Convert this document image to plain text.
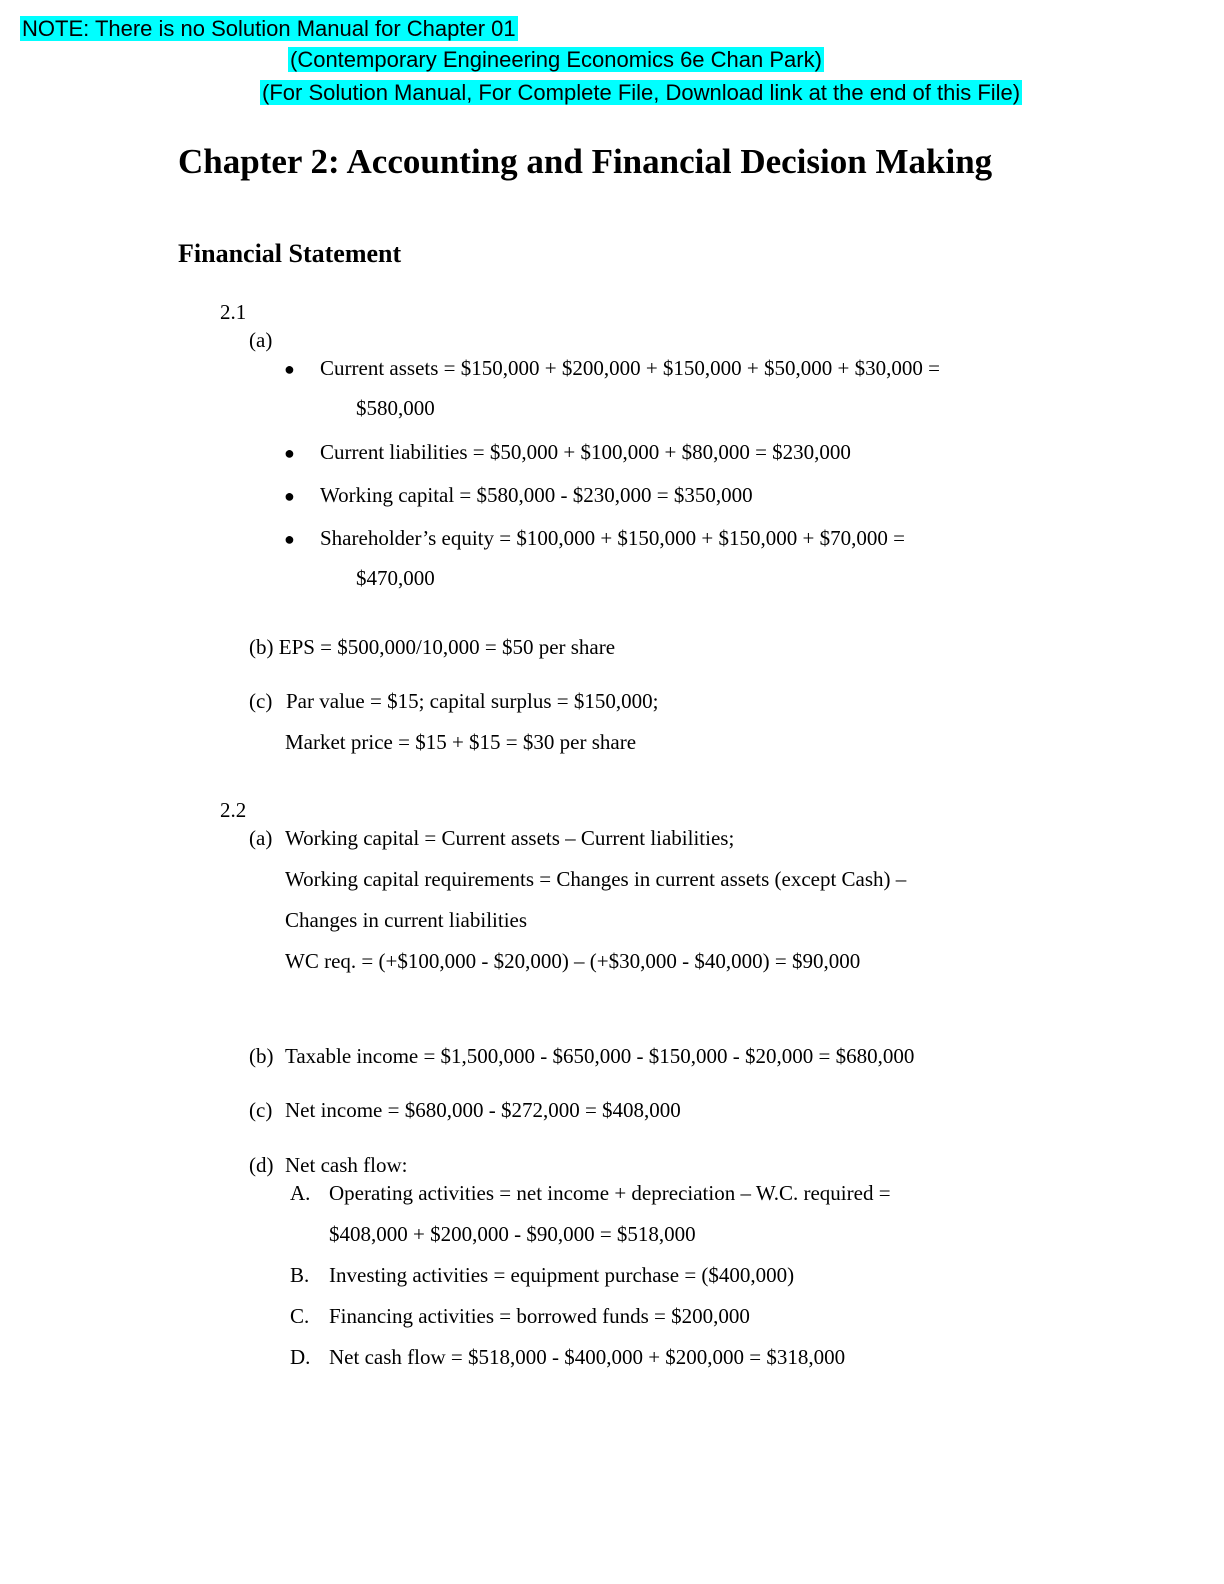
NOTE: There is no Solution Manual for Chapter 01
(Contemporary Engineering Economics 6e Chan Park)
(For Solution Manual, For Complete File, Download link at the end of this File)
Chapter 2: Accounting and Financial Decision Making
Financial Statement
2.1
(a)
● Current assets = $150,000 + $200,000 + $150,000 + $50,000 + $30,000 =
$580,000
● Current liabilities = $50,000 + $100,000 + $80,000 = $230,000
● Working capital = $580,000 - $230,000 = $350,000
● Shareholder’s equity = $100,000 + $150,000 + $150,000 + $70,000 =
$470,000
(b) EPS = $500,000/10,000 = $50 per share
(c) Par value = $15; capital surplus = $150,000;
Market price = $15 + $15 = $30 per share
2.2
(a) Working capital = Current assets – Current liabilities;
Working capital requirements = Changes in current assets (except Cash) –
Changes in current liabilities
WC req. = (+$100,000 - $20,000) – (+$30,000 - $40,000) = $90,000
(b) Taxable income = $1,500,000 - $650,000 - $150,000 - $20,000 = $680,000
(c) Net income = $680,000 - $272,000 = $408,000
(d) Net cash flow:
A. Operating activities = net income + depreciation – W.C. required =
$408,000 + $200,000 - $90,000 = $518,000
B. Investing activities = equipment purchase = ($400,000)
C. Financing activities = borrowed funds = $200,000
D. Net cash flow = $518,000 - $400,000 + $200,000 = $318,000
